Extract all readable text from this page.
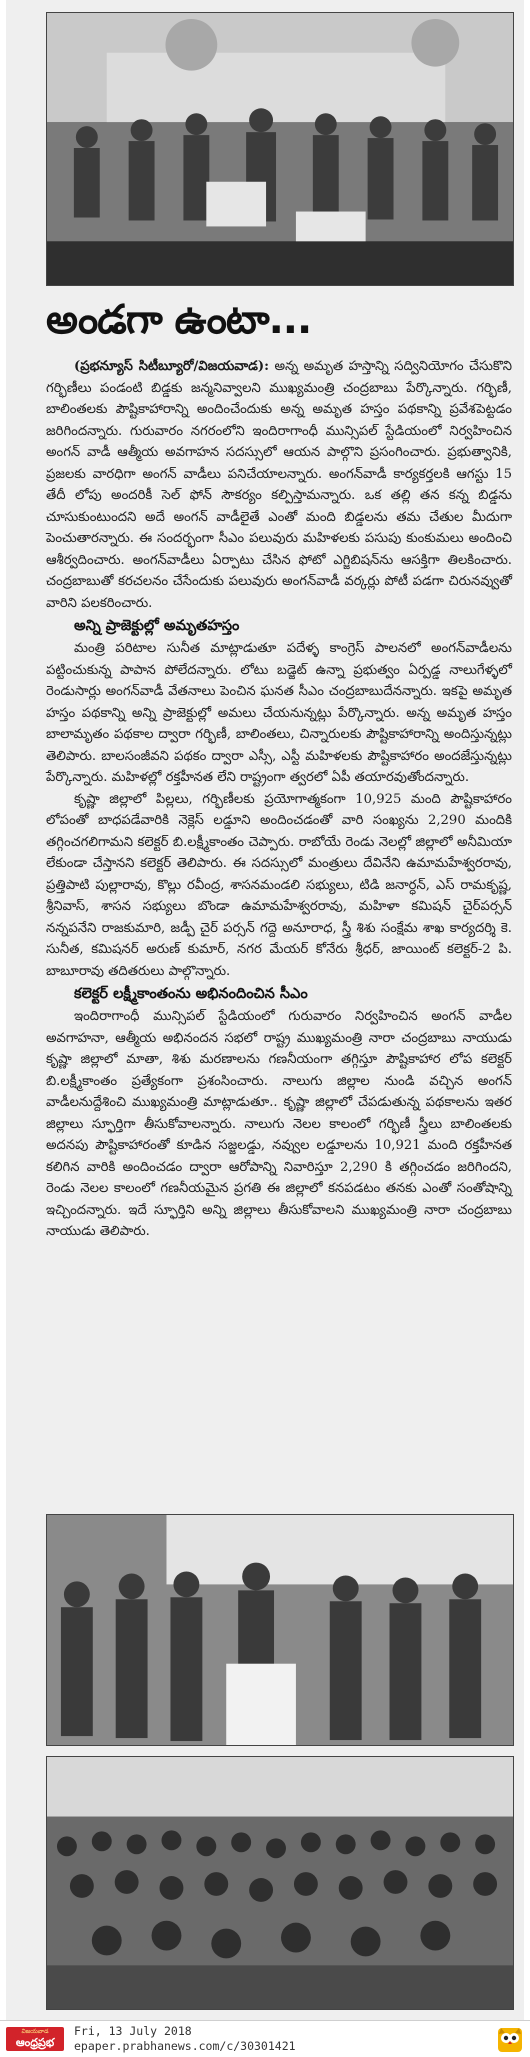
అండగా ఉంటా...

(ప్రభన్యూస్ సిటీబ్యూరో/విజయవాడ): అన్న అమృత హస్తాన్ని సద్వినియోగం చేసుకొని గర్భిణీలు పండంటి బిడ్డకు జన్మనివ్వాలని ముఖ్యమంత్రి చంద్రబాబు పేర్కొన్నారు. గర్భిణీ, బాలింతలకు పౌష్టికాహారాన్ని అందించేందుకు అన్న అమృత హస్తం పథకాన్ని ప్రవేశపెట్టడం జరిగిందన్నారు. గురువారం నగరంలోని ఇందిరాగాంధీ మున్సిపల్ స్టేడియంలో నిర్వహించిన అంగన్ వాడీ ఆత్మీయ అవగాహన సదస్సులో ఆయన పాల్గొని ప్రసంగించారు. ప్రభుత్వానికి, ప్రజలకు వారధిగా అంగన్ వాడీలు పనిచేయాలన్నారు. అంగన్‌వాడీ కార్యకర్తలకి ఆగస్టు 15 తేదీ లోపు అందరికీ సెల్ ఫోన్ సౌకర్యం కల్పిస్తామన్నారు. ఒక తల్లి తన కన్న బిడ్డను చూసుకుంటుందని అదే అంగన్ వాడీలైతే ఎంతో మంది బిడ్డలను తమ చేతుల మీదుగా పెంచుతారన్నారు. ఈ సందర్భంగా సీఎం పలువురు మహిళలకు పసుపు కుంకుమలు అందించి ఆశీర్వదించారు. అంగన్‌వాడీలు ఏర్పాటు చేసిన ఫోటో ఎగ్జిబిషన్‌ను ఆసక్తిగా తిలకించారు. చంద్రబాబుతో కరచలనం చేసేందుకు పలువురు అంగన్‌వాడీ వర్కర్లు పోటీ పడగా చిరునవ్వుతో వారిని పలకరించారు.

అన్ని ప్రాజెక్టుల్లో అమృతహస్తం

మంత్రి పరిటాల సునీత మాట్లాడుతూ పదేళ్ళ కాంగ్రెస్ పాలనలో అంగన్‌వాడీలను పట్టించుకున్న పాపాన పోలేదన్నారు. లోటు బడ్జెట్ ఉన్నా ప్రభుత్వం ఏర్పడ్డ నాలుగేళ్ళలో రెండుసార్లు అంగన్‌వాడీ వేతనాలు పెంచిన ఘనత సీఎం చంద్రబాబుదేనన్నారు. ఇకపై అమృత హస్తం పథకాన్ని అన్ని ప్రాజెక్టుల్లో అమలు చేయనున్నట్లు పేర్కొన్నారు. అన్న అమృత హస్తం బాలామృతం పథకాల ద్వారా గర్భిణీ, బాలింతలు, చిన్నారులకు పౌష్టికాహారాన్ని అందిస్తున్నట్లు తెలిపారు. బాలసంజీవని పథకం ద్వారా ఎస్సీ, ఎస్టీ మహిళలకు పౌష్టికాహారం అందజేస్తున్నట్లు పేర్కొన్నారు. మహిళల్లో రక్తహీనత లేని రాష్ట్రంగా త్వరలో ఏపీ తయారవుతోందన్నారు.

కృష్ణా జిల్లాలో పిల్లలు, గర్భిణీలకు ప్రయోగాత్మకంగా 10,925 మంది పౌష్టికాహారం లోపంతో బాధపడేవారికి నెక్లెస్ లడ్డూని అందించడంతో వారి సంఖ్యను 2,290 మందికి తగ్గించగలిగామని కలెక్టర్ బి.లక్ష్మీకాంతం చెప్పారు. రాబోయే రెండు నెలల్లో జిల్లాలో అనీమియా లేకుండా చేస్తానని కలెక్టర్ తెలిపారు. ఈ సదస్సులో మంత్రులు దేవినేని ఉమామహేశ్వరరావు, ప్రత్తిపాటి పుల్లారావు, కొల్లు రవీంద్ర, శాసనమండలి సభ్యులు, టిడి జనార్ధన్, ఎస్ రామకృష్ణ, శ్రీనివాస్, శాసన సభ్యులు బొండా ఉమామహేశ్వరరావు, మహిళా కమిషన్ చైర్‌పర్సన్ నన్నపనేని రాజకుమారి, జడ్పీ చైర్ పర్సన్ గద్దె అనూరాధ, స్త్రీ శిశు సంక్షేమ శాఖ కార్యదర్శి కె. సునీత, కమిషనర్ అరుణ్ కుమార్, నగర మేయర్ కోనేరు శ్రీధర్, జాయింట్ కలెక్టర్-2 పి. బాబూరావు తదితరులు పాల్గొన్నారు.

కలెక్టర్ లక్ష్మీకాంతంను అభినందించిన సీఎం

ఇందిరాగాంధీ మున్సిపల్ స్టేడియంలో గురువారం నిర్వహించిన అంగన్ వాడీల అవగాహనా, ఆత్మీయ అభినందన సభలో రాష్ట్ర ముఖ్యమంత్రి నారా చంద్రబాబు నాయుడు కృష్ణా జిల్లాలో మాతా, శిశు మరణాలను గణనీయంగా తగ్గిస్తూ పౌష్టికాహార లోప కలెక్టర్ బి.లక్ష్మీకాంతం ప్రత్యేకంగా ప్రశంసించారు. నాలుగు జిల్లాల నుండి వచ్చిన అంగన్ వాడీలనుద్దేశించి ముఖ్యమంత్రి మాట్లాడుతూ.. కృష్ణా జిల్లాలో చేపడుతున్న పథకాలను ఇతర జిల్లాలు స్ఫూర్తిగా తీసుకోవాలన్నారు. నాలుగు నెలల కాలంలో గర్భిణీ స్త్రీలు బాలింతలకు అదనపు పౌష్టికాహారంతో కూడిన సజ్జలడ్డు, నవ్వుల లడ్డూలను 10,921 మంది రక్తహీనత కలిగిన వారికి అందించడం ద్వారా ఆరోపాన్ని నివారిస్తూ 2,290 కి తగ్గించడం జరిగిందని, రెండు నెలల కాలంలో గణనీయమైన ప్రగతి ఈ జిల్లాలో కనపడటం తనకు ఎంతో సంతోషాన్ని ఇచ్చిందన్నారు. ఇదే స్ఫూర్తిని అన్ని జిల్లాలు తీసుకోవాలని ముఖ్యమంత్రి నారా చంద్రబాబు నాయుడు తెలిపారు.

విజయవాడ
ఆంధ్రప్రభ
Fri, 13 July 2018
epaper.prabhanews.com/c/30301421
